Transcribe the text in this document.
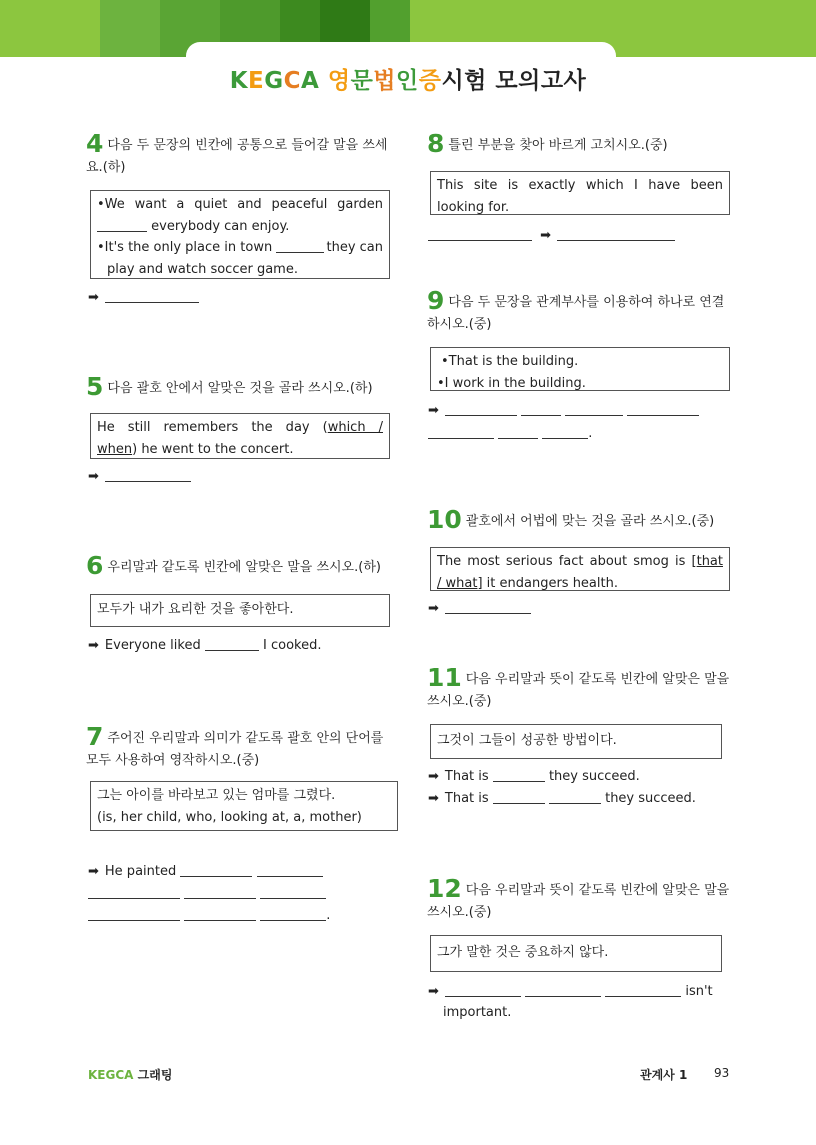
KEGCA 영문법인증시험 모의고사
4 다음 두 문장의 빈칸에 공통으로 들어갈 말을 쓰세요.(하)
•We want a quiet and peaceful garden
everybody can enjoy.
•It's the only place in town	they can
play and watch soccer game.
➡
5 다음 괄호 안에서 알맞은 것을 골라 쓰시오.(하)
He still remembers the day (which /
when) he went to the concert.
➡
6 우리말과 같도록 빈칸에 알맞은 말을 쓰시오.(하)
모두가 내가 요리한 것을 좋아한다.
➡ Everyone liked	I cooked.
7 주어진 우리말과 의미가 같도록 괄호 안의 단어를 모두 사용하여 영작하시오.(중)
그는 아이를 바라보고 있는 엄마를 그렸다.
(is, her child, who, looking at, a, mother)
➡ He painted

.
8 틀린 부분을 찾아 바르게 고치시오.(중)
This site is exactly which I have been
looking for.
➡
9 다음 두 문장을 관계부사를 이용하여 하나로 연결하시오.(중)
•That is the building.
•I work in the building.
➡
.
10 괄호에서 어법에 맞는 것을 골라 쓰시오.(중)
The most serious fact about smog is [that
/ what] it endangers health.
➡
11 다음 우리말과 뜻이 같도록 빈칸에 알맞은 말을 쓰시오.(중)
그것이 그들이 성공한 방법이다.
➡ That is	they succeed.
➡ That is	they succeed.
12 다음 우리말과 뜻이 같도록 빈칸에 알맞은 말을 쓰시오.(중)
그가 말한 것은 중요하지 않다.
➡	isn't
important.
KEGCA 그래팅	관계사 1 93
